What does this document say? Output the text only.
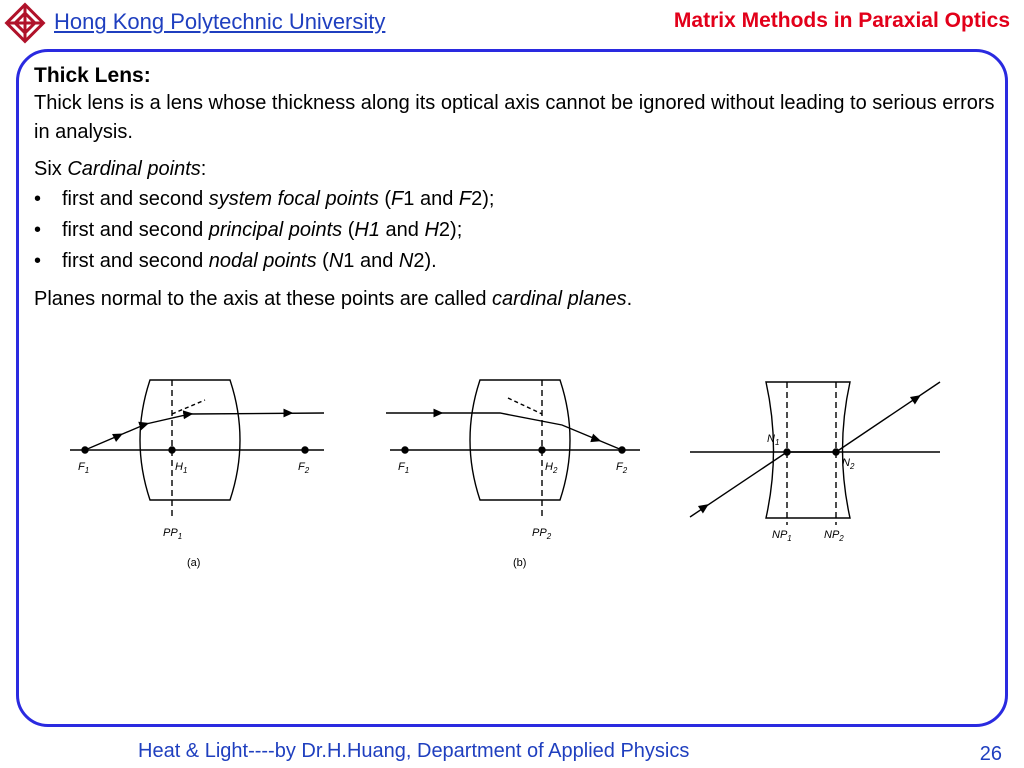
Hong Kong Polytechnic University	Matrix Methods in Paraxial Optics
Thick Lens:

Thick lens is a lens whose thickness along its optical axis cannot be ignored without leading to serious errors in analysis.

Six Cardinal points:

• first and second system focal points (F1 and F2);
• first and second principal points (H1 and H2);
• first and second nodal points (N1 and N2).

Planes normal to the axis at these points are called cardinal planes.

$F_1$	$H_1$	$F_2$
$PP_1$
(a)
$F_1$	$H_2$	$F_2$
$PP_2$
(b)
$N_1$
$N_2$
$NP_1$	$NP_2$
Heat & Light----by Dr.H.Huang, Department of Applied Physics	26
